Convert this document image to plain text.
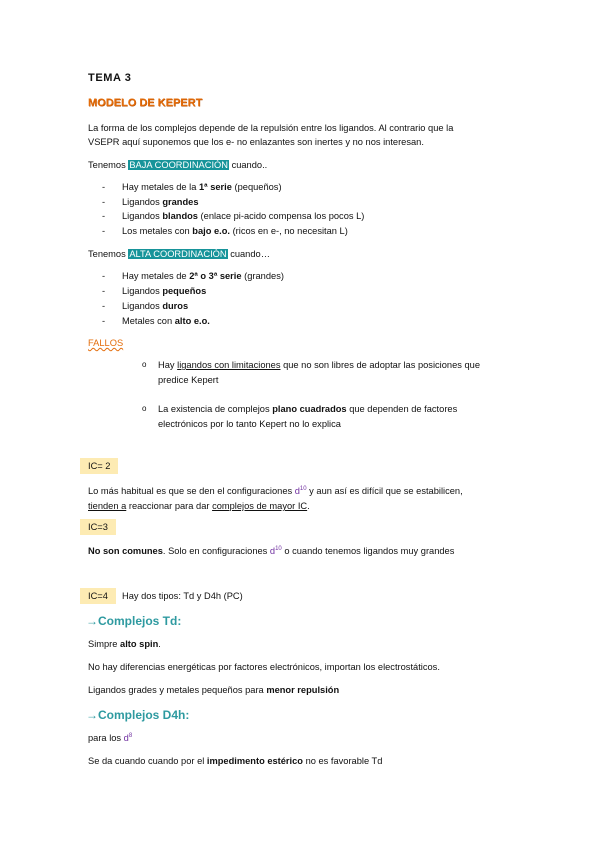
TEMA 3
MODELO DE KEPERT
La forma de los complejos depende de la repulsión entre los ligandos. Al contrario que la
VSEPR aquí suponemos que los e- no enlazantes son inertes y no nos interesan.
Tenemos BAJA COORDINACIÓN cuando..
- Hay metales de la 1ª serie (pequeños)
- Ligandos grandes
- Ligandos blandos (enlace pi-acido compensa los pocos L)
- Los metales con bajo e.o. (ricos en e-, no necesitan L)
Tenemos ALTA COORDINACIÓN cuando…
- Hay metales de 2ª o 3ª serie (grandes)
- Ligandos pequeños
- Ligandos duros
- Metales con alto e.o.
FALLOS
o Hay ligandos con limitaciones que no son libres de adoptar las posiciones que
predice Kepert
o La existencia de complejos plano cuadrados que dependen de factores
electrónicos por lo tanto Kepert no lo explica
IC= 2
Lo más habitual es que se den el configuraciones $d^{10}$ y aun así es difícil que se estabilicen,
tienden a reaccionar para dar complejos de mayor IC.
IC=3
No son comunes. Solo en configuraciones $d^{10}$ o cuando tenemos ligandos muy grandes
IC=4	Hay dos tipos: Td y D4h (PC)
→Complejos Td:
Simpre alto spin.
No hay diferencias energéticas por factores electrónicos, importan los electrostáticos.
Ligandos grades y metales pequeños para menor repulsión
→Complejos D4h:
para los $d^8$
Se da cuando cuando por el impedimento estérico no es favorable Td
